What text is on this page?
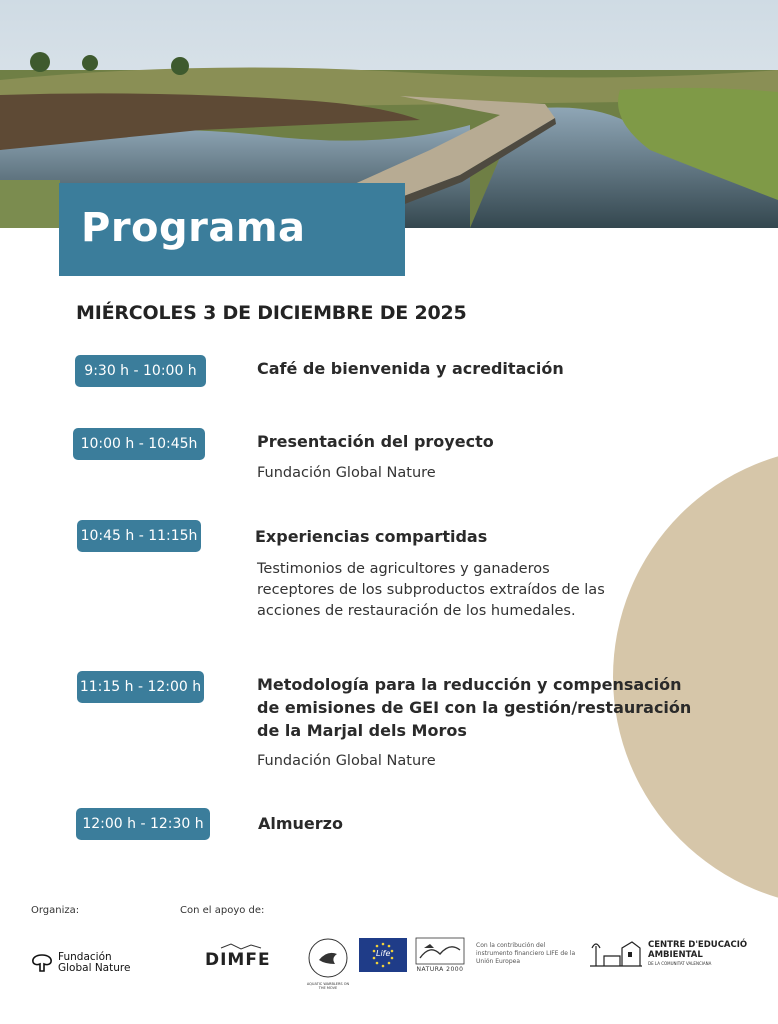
Programa
MIÉRCOLES 3 DE DICIEMBRE DE 2025
9:30 h - 10:00 h	Café de bienvenida y acreditación
10:00 h - 10:45h	Presentación del proyecto
Fundación Global Nature
10:45 h - 11:15h	Experiencias compartidas
Testimonios de agricultores y ganaderos
receptores de los subproductos extraídos de las
acciones de restauración de los humedales.
11:15 h - 12:00 h	Metodología para la reducción y compensación
de emisiones de GEI con la gestión/restauración
de la Marjal dels Moros
Fundación Global Nature
12:00 h - 12:30 h	Almuerzo
Organiza:	Con el apoyo de:
Fundación
Global Nature	DIMFE
AQUATIC WARBLERS ON THE MOVE
Life
NATURA 2000
Con la contribución del
instrumento financiero LIFE de la
Unión Europea
CENTRE D'EDUCACIÓ
AMBIENTAL
DE LA COMUNITAT VALENCIANA
